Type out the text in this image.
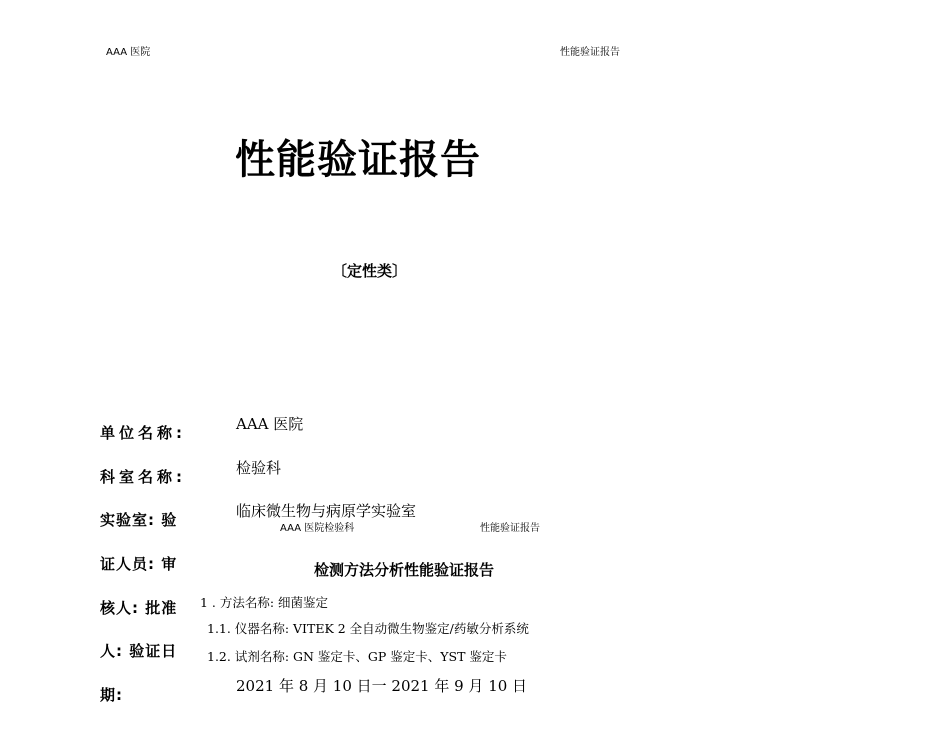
AAA 医院	性能验证报告
性能验证报告
〔定性类〕
单位名称:
科室名称:
实验室: 验
证人员: 审
核人: 批准
人: 验证日
期:
AAA 医院
检验科
临床微生物与病原学实验室
2021 年 8 月 10 日一 2021 年 9 月 10 日
AAA 医院检验科	性能验证报告
检测方法分析性能验证报告
1 . 方法名称: 细菌鉴定
1.1. 仪器名称: VITEK 2 全自动微生物鉴定/药敏分析系统
1.2. 试剂名称: GN 鉴定卡、GP 鉴定卡、YST 鉴定卡
